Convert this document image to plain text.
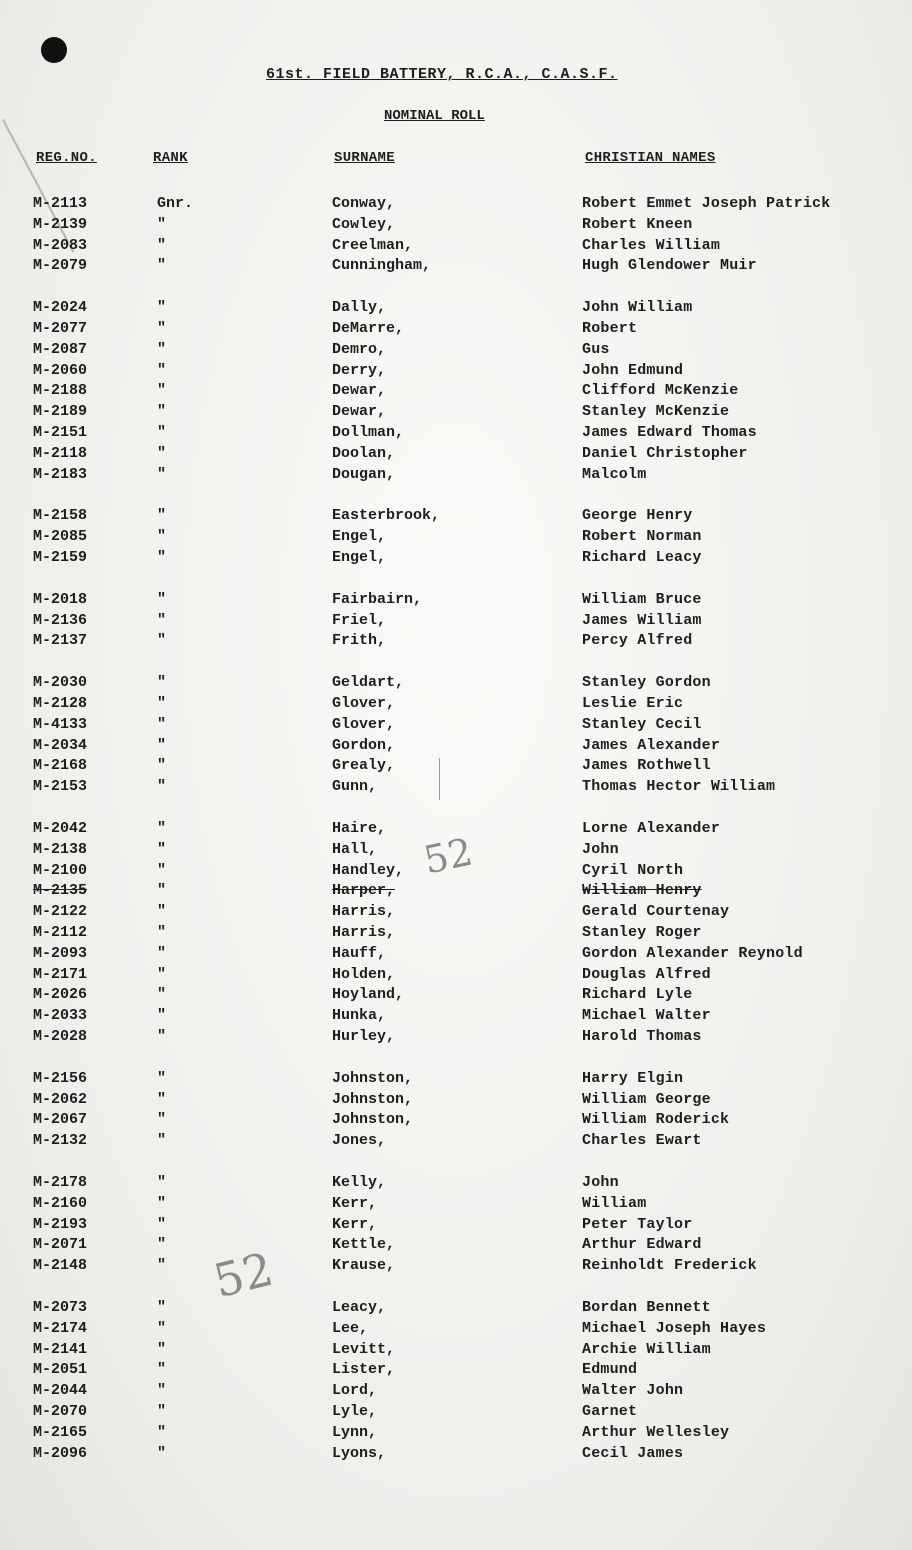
61st. FIELD BATTERY, R.C.A., C.A.S.F.
NOMINAL ROLL
REG.NO.	RANK	SURNAME	CHRISTIAN NAMES
M-2113	Gnr.	Conway,	Robert Emmet Joseph Patrick
M-2139	"	Cowley,	Robert Kneen
M-2083	"	Creelman,	Charles William
M-2079	"	Cunningham,	Hugh Glendower Muir
M-2024	"	Dally,	John William
M-2077	"	DeMarre,	Robert
M-2087	"	Demro,	Gus
M-2060	"	Derry,	John Edmund
M-2188	"	Dewar,	Clifford McKenzie
M-2189	"	Dewar,	Stanley McKenzie
M-2151	"	Dollman,	James Edward Thomas
M-2118	"	Doolan,	Daniel Christopher
M-2183	"	Dougan,	Malcolm
M-2158	"	Easterbrook,	George Henry
M-2085	"	Engel,	Robert Norman
M-2159	"	Engel,	Richard Leacy
M-2018	"	Fairbairn,	William Bruce
M-2136	"	Friel,	James William
M-2137	"	Frith,	Percy Alfred
M-2030	"	Geldart,	Stanley Gordon
M-2128	"	Glover,	Leslie Eric
M-4133	"	Glover,	Stanley Cecil
M-2034	"	Gordon,	James Alexander
M-2168	"	Grealy,	James Rothwell
M-2153	"	Gunn,	Thomas Hector William
M-2042	"	Haire,	Lorne Alexander
M-2138	"	Hall,	John
M-2100	"	Handley,	Cyril North
M-2135	"	Harper,	William Henry
M-2122	"	Harris,	Gerald Courtenay
M-2112	"	Harris,	Stanley Roger
M-2093	"	Hauff,	Gordon Alexander Reynold
M-2171	"	Holden,	Douglas Alfred
M-2026	"	Hoyland,	Richard Lyle
M-2033	"	Hunka,	Michael Walter
M-2028	"	Hurley,	Harold Thomas
M-2156	"	Johnston,	Harry Elgin
M-2062	"	Johnston,	William George
M-2067	"	Johnston,	William Roderick
M-2132	"	Jones,	Charles Ewart
M-2178	"	Kelly,	John
M-2160	"	Kerr,	William
M-2193	"	Kerr,	Peter Taylor
M-2071	"	Kettle,	Arthur Edward
M-2148	"	Krause,	Reinholdt Frederick
M-2073	"	Leacy,	Bordan Bennett
M-2174	"	Lee,	Michael Joseph Hayes
M-2141	"	Levitt,	Archie William
M-2051	"	Lister,	Edmund
M-2044	"	Lord,	Walter John
M-2070	"	Lyle,	Garnet
M-2165	"	Lynn,	Arthur Wellesley
M-2096	"	Lyons,	Cecil James
52
52
